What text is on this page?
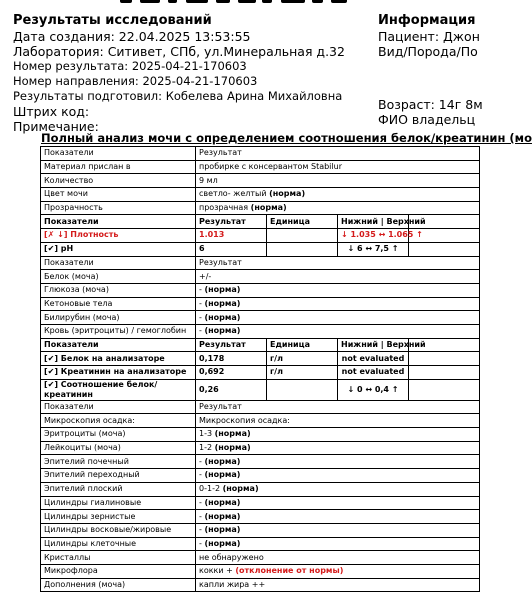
Результаты исследований
Дата создания: 22.04.2025 13:53:55
Лаборатория: Ситивет, СПб, ул.Минеральная д.32
Номер результата: 2025-04-21-170603
Номер направления: 2025-04-21-170603
Результаты подготовил: Кобелева Арина Михайловна
Штрих код:
Примечание:
Информация
Пациент: Джон
Вид/Порода/По
Возраст: 14г 8м
ФИО владельц
Полный анализ мочи с определением соотношения белок/креатинин (мо
Показатели	Результат			
Материал прислан в	пробирке с консервантом Stabilur			
Количество	9 мл			
Цвет мочи	светло- желтый (норма)			
Прозрачность	прозрачная (норма)			
Показатели	Результат	Единица	Нижний | Верхний	
[✗ ↓] Плотность	1.013		↓ 1.035 ↔ 1.065 ↑	
[✔] pH	6		↓ 6 ↔ 7,5 ↑	
Показатели	Результат			
Белок (моча)	+/-			
Глюкоза (моча)	- (норма)			
Кетоновые тела	- (норма)			
Билирубин (моча)	- (норма)			
Кровь (эритроциты) / гемоглобин	- (норма)			
Показатели	Результат	Единица	Нижний | Верхний	
[✔] Белок на анализаторе	0,178	г/л	not evaluated	
[✔] Креатинин на анализаторе	0,692	г/л	not evaluated	
[✔] Соотношение белок/креатинин	0,26		↓ 0 ↔ 0,4 ↑	
Показатели	Результат			
Микроскопия осадка:	Микроскопия осадка:			
Эритроциты (моча)	1-3 (норма)			
Лейкоциты (моча)	1-2 (норма)			
Эпителий почечный	- (норма)			
Эпителий переходный	- (норма)			
Эпителий плоский	0-1-2 (норма)			
Цилиндры гиалиновые	- (норма)			
Цилиндры зернистые	- (норма)			
Цилиндры восковые/жировые	- (норма)			
Цилиндры клеточные	- (норма)			
Кристаллы	не обнаружено			
Микрофлора	кокки + (отклонение от нормы)			
Дополнения (моча)	капли жира ++			
